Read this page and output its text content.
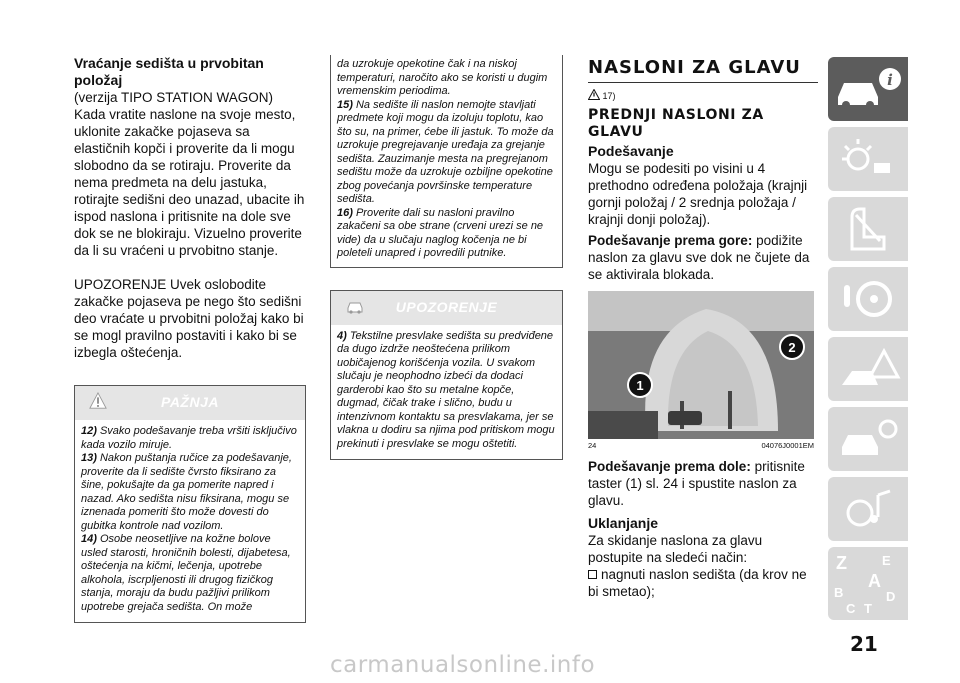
Vraćanje sedišta u prvobitan položaj
(verzija TIPO STATION WAGON)
Kada vratite naslone na svoje mesto, uklonite zakačke pojaseva sa elastičnih kopči i proverite da li mogu slobodno da se rotiraju. Proverite da nema predmeta na delu jastuka, rotirajte sedišni deo unazad, ubacite ih ispod naslona i pritisnite na dole sve dok se ne blokiraju. Vizuelno proverite da li su vraćeni u prvobitno stanje.
UPOZORENJE Uvek oslobodite zakačke pojaseva pe nego što sedišni deo vraćate u prvobitni položaj kako bi se mogl pravilno postaviti i kako bi se izbegla oštećenja.
PAŽNJA

12) Svako podešavanje treba vršiti isključivo kada vozilo miruje.

13) Nakon puštanja ručice za podešavanje, proverite da li sedište čvrsto fiksirano za šine, pokušajte da ga pomerite napred i nazad. Ako sedišta nisu fiksirana, mogu se iznenada pomeriti što može dovesti do gubitka kontrole nad vozilom.

14) Osobe neosetljive na kožne bolove usled starosti, hroničnih bolesti, dijabetesa, oštećenja na kičmi, lečenja, upotrebe alkohola, iscrpljenosti ili drugog fizičkog stanja, moraju da budu pažljivi prilikom upotrebe grejača sedišta. On može

da uzrokuje opekotine čak i na niskoj temperaturi, naročito ako se koristi u dugim vremenskim periodima.

15) Na sedište ili naslon nemojte stavljati predmete koji mogu da izoluju toplotu, kao što su, na primer, ćebe ili jastuk. To može da uzrokuje pregrejavanje uređaja za grejanje sedišta. Zauzimanje mesta na pregrejanom sedištu može da uzrokuje ozbiljne opekotine zbog povećanja površinske temperature sedišta.

16) Proverite dali su nasloni pravilno zakačeni sa obe strane (crveni urezi se ne vide) da u slučaju naglog kočenja ne bi poleteli unapred i povredili putnike.

UPOZORENJE

4) Tekstilne presvlake sedišta su predviđene da dugo izdrže neoštećena prilikom uobičajenog korišćenja vozila. U svakom slučaju je neophodno izbeći da dodaci garderobi kao što su metalne kopče, dugmad, čičak trake i slično, budu u intenzivnom kontaktu sa presvlakama, jer se vlakna u dodiru sa njima pod pritiskom mogu prekinuti i presvlake se mogu oštetiti.

NASLONI ZA GLAVU
17)
PREDNJI NASLONI ZA GLAVU
Podešavanje
Mogu se podesiti po visini u 4 prethodno određena položaja (krajnji gornji položaj / 2 srednja položaja / krajnji donji položaj).
Podešavanje prema gore: podižite naslon za glavu sve dok ne čujete da se aktivirala blokada.
1
2
24	04076J0001EM
Podešavanje prema dole: pritisnite taster (1) sl. 24 i spustite naslon za glavu.
Uklanjanje
Za skidanje naslona za glavu postupite na sledeći način:
nagnuti naslon sedišta (da krov ne bi smetao);
i
Z	E
A
B	D
C T
21
carmanualsonline.info
